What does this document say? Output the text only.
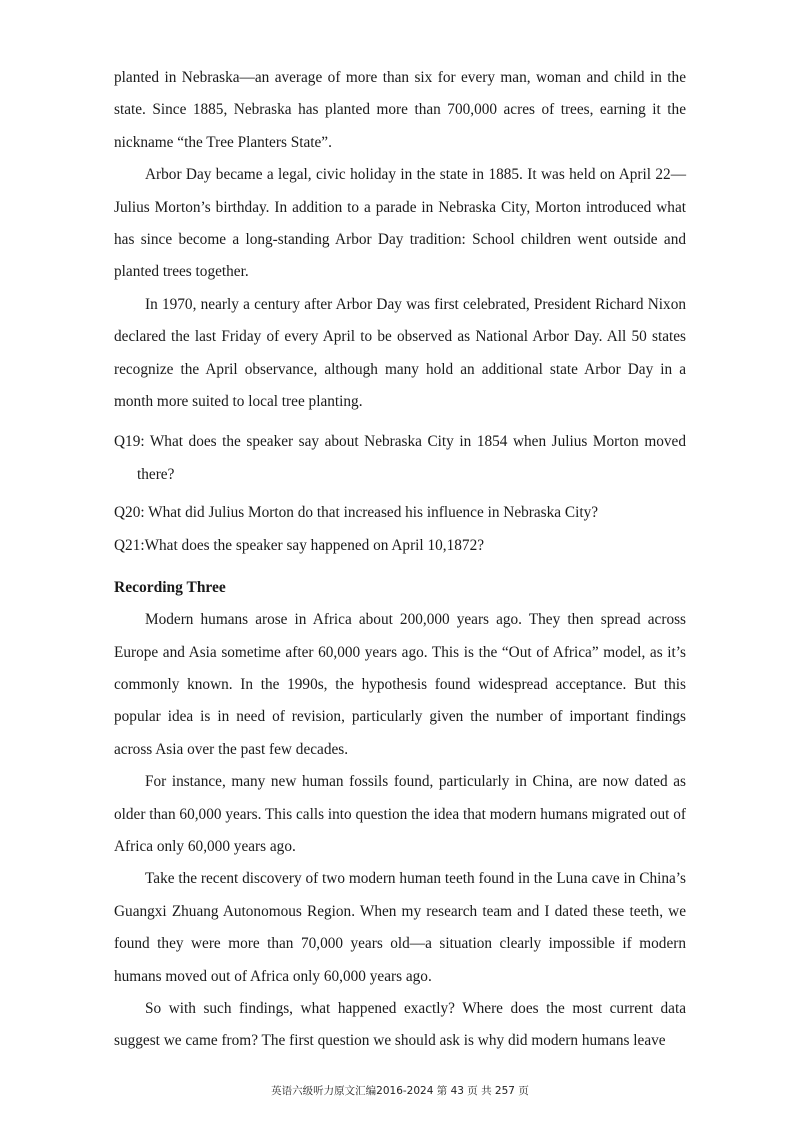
planted in Nebraska—an average of more than six for every man, woman and child in the state. Since 1885, Nebraska has planted more than 700,000 acres of trees, earning it the nickname “the Tree Planters State”.

Arbor Day became a legal, civic holiday in the state in 1885. It was held on April 22—Julius Morton’s birthday. In addition to a parade in Nebraska City, Morton introduced what has since become a long-standing Arbor Day tradition: School children went outside and planted trees together.

In 1970, nearly a century after Arbor Day was first celebrated, President Richard Nixon declared the last Friday of every April to be observed as National Arbor Day. All 50 states recognize the April observance, although many hold an additional state Arbor Day in a month more suited to local tree planting.

Q19: What does the speaker say about Nebraska City in 1854 when Julius Morton moved there?

Q20: What did Julius Morton do that increased his influence in Nebraska City?

Q21:What does the speaker say happened on April 10,1872?

Recording Three

Modern humans arose in Africa about 200,000 years ago. They then spread across Europe and Asia sometime after 60,000 years ago. This is the “Out of Africa” model, as it’s commonly known. In the 1990s, the hypothesis found widespread acceptance. But this popular idea is in need of revision, particularly given the number of important findings across Asia over the past few decades.

For instance, many new human fossils found, particularly in China, are now dated as older than 60,000 years. This calls into question the idea that modern humans migrated out of Africa only 60,000 years ago.

Take the recent discovery of two modern human teeth found in the Luna cave in China’s Guangxi Zhuang Autonomous Region. When my research team and I dated these teeth, we found they were more than 70,000 years old—a situation clearly impossible if modern humans moved out of Africa only 60,000 years ago.

So with such findings, what happened exactly? Where does the most current data suggest we came from? The first question we should ask is why did modern humans leave

英语六级听力原文汇编2016-2024 第 43 页 共 257 页
